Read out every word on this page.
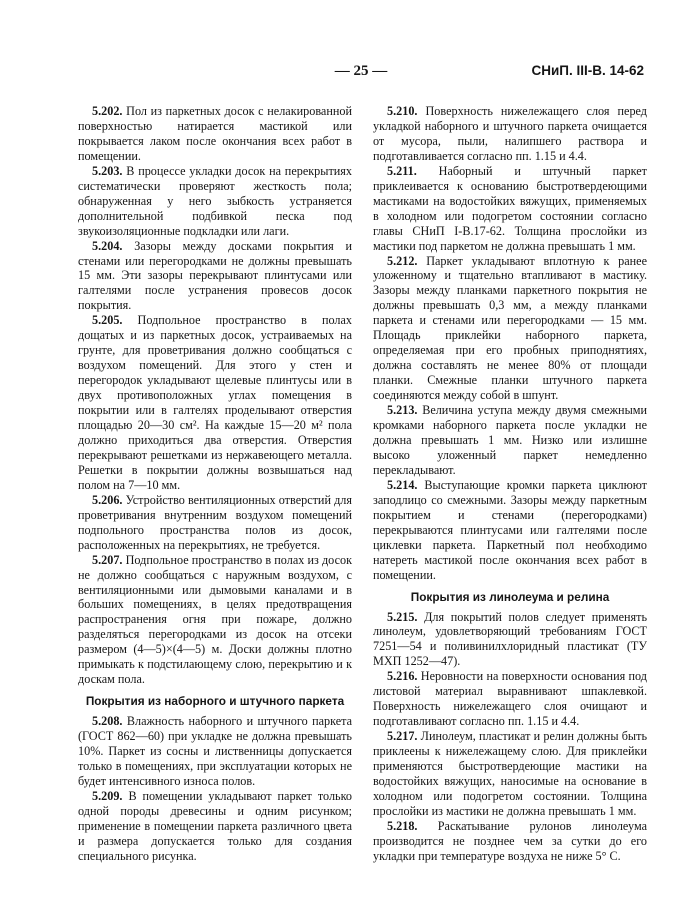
— 25 —	СНиП. III-В. 14-62

5.202. Пол из паркетных досок с нелакированной поверхностью натирается мастикой или покрывается лаком после окончания всех работ в помещении.

5.203. В процессе укладки досок на перекрытиях систематически проверяют жесткость пола; обнаруженная у него зыбкость устраняется дополнительной подбивкой песка под звукоизоляционные подкладки или лаги.

5.204. Зазоры между досками покрытия и стенами или перегородками не должны превышать 15 мм. Эти зазоры перекрывают плинтусами или галтелями после устранения провесов досок покрытия.

5.205. Подпольное пространство в полах дощатых и из паркетных досок, устраиваемых на грунте, для проветривания должно сообщаться с воздухом помещений. Для этого у стен и перегородок укладывают щелевые плинтусы или в двух противоположных углах помещения в покрытии или в галтелях проделывают отверстия площадью 20—30 см². На каждые 15—20 м² пола должно приходиться два отверстия. Отверстия перекрывают решетками из нержавеющего металла. Решетки в покрытии должны возвышаться над полом на 7—10 мм.

5.206. Устройство вентиляционных отверстий для проветривания внутренним воздухом помещений подпольного пространства полов из досок, расположенных на перекрытиях, не требуется.

5.207. Подпольное пространство в полах из досок не должно сообщаться с наружным воздухом, с вентиляционными или дымовыми каналами и в больших помещениях, в целях предотвращения распространения огня при пожаре, должно разделяться перегородками из досок на отсеки размером (4—5)×(4—5) м. Доски должны плотно примыкать к подстилающему слою, перекрытию и к доскам пола.

Покрытия из наборного и штучного паркета

5.208. Влажность наборного и штучного паркета (ГОСТ 862—60) при укладке не должна превышать 10%. Паркет из сосны и лиственницы допускается только в помещениях, при эксплуатации которых не будет интенсивного износа полов.

5.209. В помещении укладывают паркет только одной породы древесины и одним рисунком; применение в помещении паркета различного цвета и размера допускается только для создания специального рисунка.

5.210. Поверхность нижележащего слоя перед укладкой наборного и штучного паркета очищается от мусора, пыли, налипшего раствора и подготавливается согласно пп. 1.15 и 4.4.

5.211. Наборный и штучный паркет приклеивается к основанию быстротвердеющими мастиками на водостойких вяжущих, применяемых в холодном или подогретом состоянии согласно главы СНиП I-В.17-62. Толщина прослойки из мастики под паркетом не должна превышать 1 мм.

5.212. Паркет укладывают вплотную к ранее уложенному и тщательно втапливают в мастику. Зазоры между планками паркетного покрытия не должны превышать 0,3 мм, а между планками паркета и стенами или перегородками — 15 мм. Площадь приклейки наборного паркета, определяемая при его пробных приподнятиях, должна составлять не менее 80% от площади планки. Смежные планки штучного паркета соединяются между собой в шпунт.

5.213. Величина уступа между двумя смежными кромками наборного паркета после укладки не должна превышать 1 мм. Низко или излишне высоко уложенный паркет немедленно перекладывают.

5.214. Выступающие кромки паркета циклюют заподлицо со смежными. Зазоры между паркетным покрытием и стенами (перегородками) перекрываются плинтусами или галтелями после циклевки паркета. Паркетный пол необходимо натереть мастикой после окончания всех работ в помещении.

Покрытия из линолеума и релина

5.215. Для покрытий полов следует применять линолеум, удовлетворяющий требованиям ГОСТ 7251—54 и поливинилхлоридный пластикат (ТУ МХП 1252—47).

5.216. Неровности на поверхности основания под листовой материал выравнивают шпаклевкой. Поверхность нижележащего слоя очищают и подготавливают согласно пп. 1.15 и 4.4.

5.217. Линолеум, пластикат и релин должны быть приклеены к нижележащему слою. Для приклейки применяются быстротвердеющие мастики на водостойких вяжущих, наносимые на основание в холодном или подогретом состоянии. Толщина прослойки из мастики не должна превышать 1 мм.

5.218. Раскатывание рулонов линолеума производится не позднее чем за сутки до его укладки при температуре воздуха не ниже 5° С.
